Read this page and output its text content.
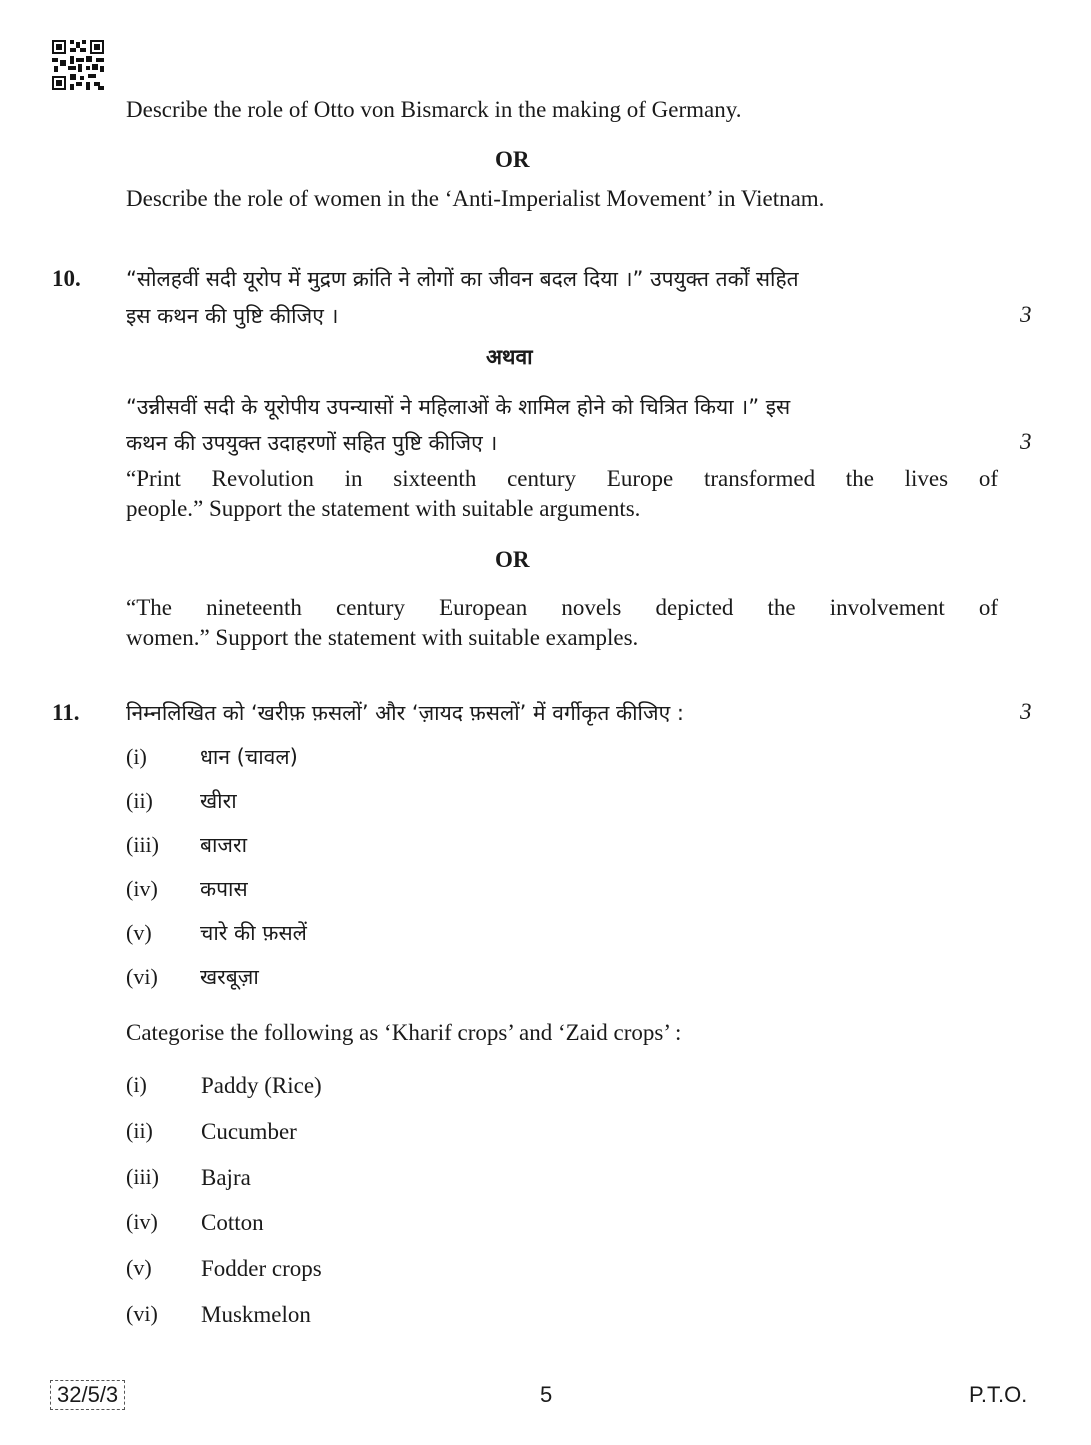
Describe the role of Otto von Bismarck in the making of Germany.
OR
Describe the role of women in the ‘Anti-Imperialist Movement’ in Vietnam.
10. “सोलहवीं सदी यूरोप में मुद्रण क्रांति ने लोगों का जीवन बदल दिया ।” उपयुक्त तर्कों सहित
इस कथन की पुष्टि कीजिए ।	3
अथवा
“उन्नीसवीं सदी के यूरोपीय उपन्यासों ने महिलाओं के शामिल होने को चित्रित किया ।” इस
कथन की उपयुक्त उदाहरणों सहित पुष्टि कीजिए ।	3
“Print Revolution in sixteenth century Europe transformed the lives of
people.” Support the statement with suitable arguments.
OR
“The nineteenth century European novels depicted the involvement of
women.” Support the statement with suitable examples.
11. निम्नलिखित को ‘खरीफ़ फ़सलों’ और ‘ज़ायद फ़सलों’ में वर्गीकृत कीजिए :	3
(i)	धान (चावल)
(ii) खीरा
(iii) बाजरा
(iv) कपास
(v) चारे की फ़सलें
(vi) खरबूज़ा
Categorise the following as ‘Kharif crops’ and ‘Zaid crops’ :
(i) Paddy (Rice)
(ii) Cucumber
(iii) Bajra
(iv) Cotton
(v) Fodder crops
(vi) Muskmelon
32/5/3	5	P.T.O.
